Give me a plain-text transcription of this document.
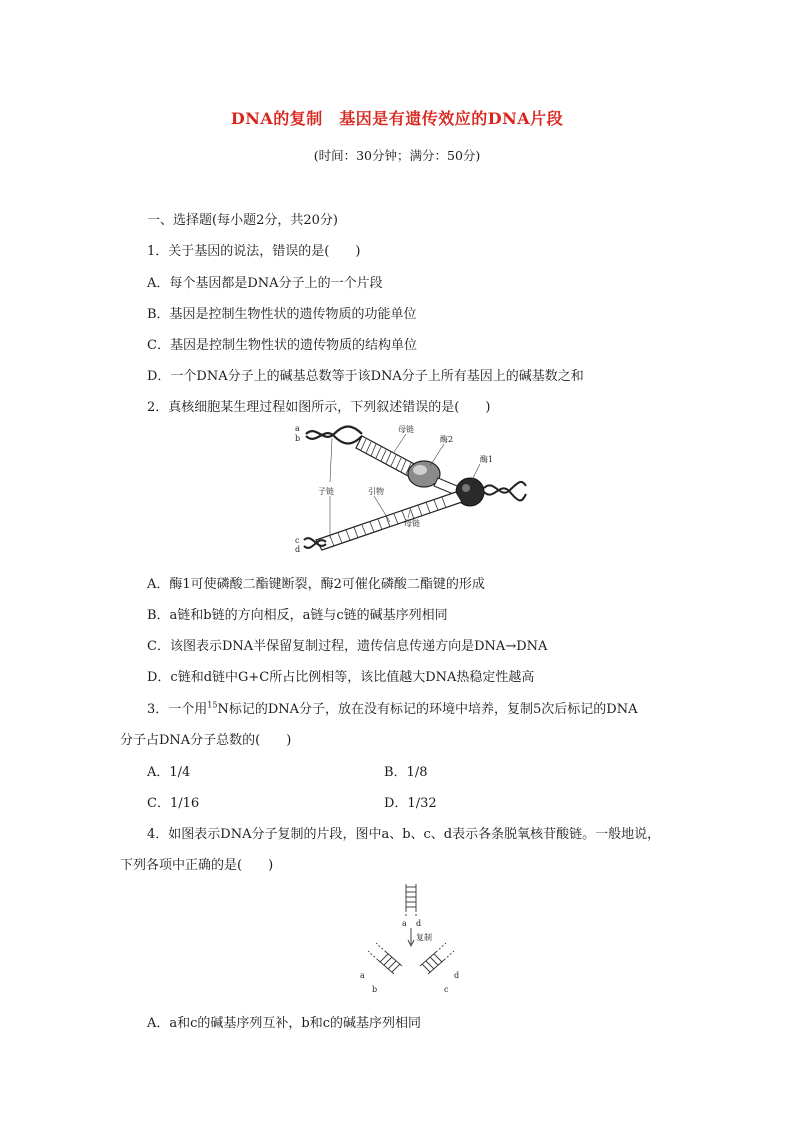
DNA的复制　基因是有遗传效应的DNA片段
(时间：30分钟；满分：50分)
一、选择题(每小题2分，共20分)
1．关于基因的说法，错误的是(　　)
A．每个基因都是DNA分子上的一个片段
B．基因是控制生物性状的遗传物质的功能单位
C．基因是控制生物性状的遗传物质的结构单位
D．一个DNA分子上的碱基总数等于该DNA分子上所有基因上的碱基数之和
2．真核细胞某生理过程如图所示，下列叙述错误的是(　　)
a
b
c
d
母链
酶2
酶1
子链	引物
母链
A．酶1可使磷酸二酯键断裂，酶2可催化磷酸二酯键的形成
B．a链和b链的方向相反，a链与c链的碱基序列相同
C．该图表示DNA半保留复制过程，遗传信息传递方向是DNA→DNA
D．c链和d链中G+C所占比例相等，该比值越大DNA热稳定性越高
3．一个用$^{15}$N标记的DNA分子，放在没有标记的环境中培养，复制5次后标记的DNA
分子占DNA分子总数的(　　)
A．1/4	B．1/8
C．1/16	D．1/32
4．如图表示DNA分子复制的片段，图中a、b、c、d表示各条脱氧核苷酸链。一般地说，
下列各项中正确的是(　　)
a d
复制
a
b
d
c
A．a和c的碱基序列互补，b和c的碱基序列相同
